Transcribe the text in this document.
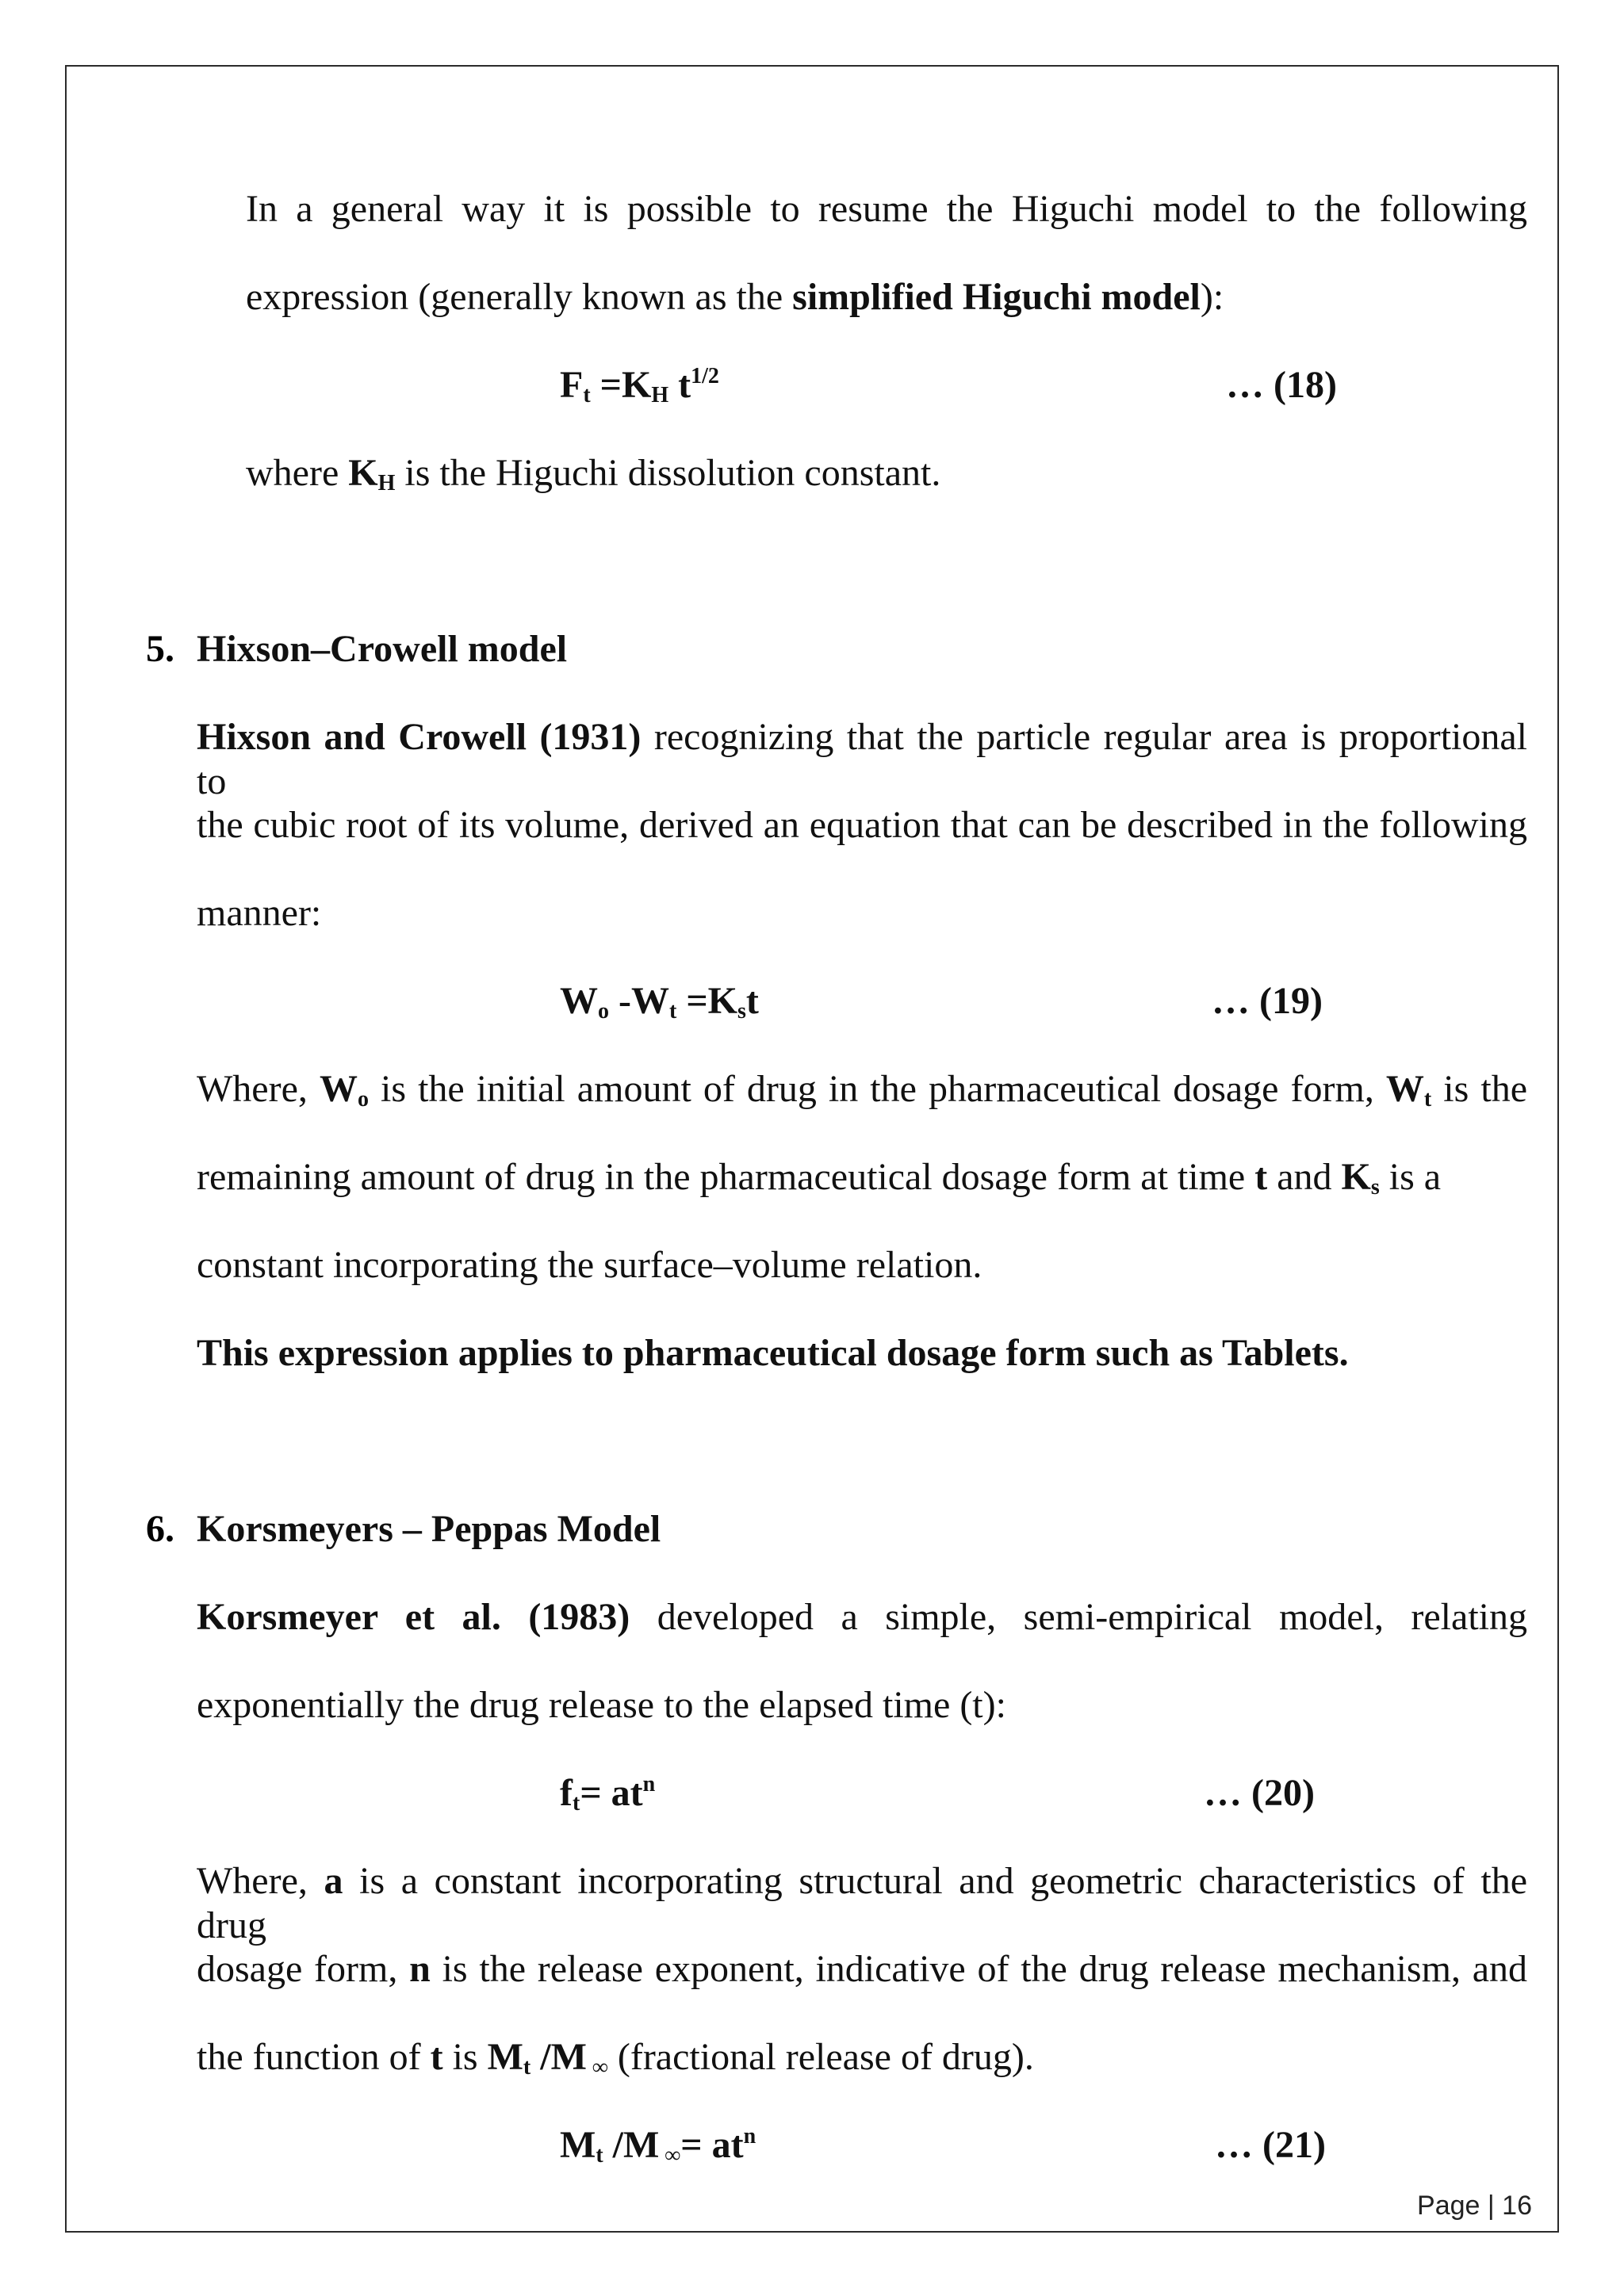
In a general way it is possible to resume the Higuchi model to the following

expression (generally known as the simplified Higuchi model):

$F_t =K_H$ $t^{1/2}$	… (18)

where $K_H$ is the Higuchi dissolution constant.

5. Hixson–Crowell model

Hixson and Crowell (1931) recognizing that the particle regular area is proportional to

the cubic root of its volume, derived an equation that can be described in the following

manner:

$W_o$ $-W_t =K_st$	… (19)

Where, $W_o$ is the initial amount of drug in the pharmaceutical dosage form, $W_t$ is the

remaining amount of drug in the pharmaceutical dosage form at time t and $K_s$ is a

constant incorporating the surface–volume relation.

This expression applies to pharmaceutical dosage form such as Tablets.

6. Korsmeyers – Peppas Model

Korsmeyer et al. (1983) developed a simple, semi-empirical model, relating

exponentially the drug release to the elapsed time (t):

$f_t= at^n$	… (20)

Where, a is a constant incorporating structural and geometric characteristics of the drug

dosage form, n is the release exponent, indicative of the drug release mechanism, and

the function of t is $M_t$ /M $_\infty$ (fractional release of drug).

$M_t$ /M $_\infty= at^n$	… (21)

Page | 16
